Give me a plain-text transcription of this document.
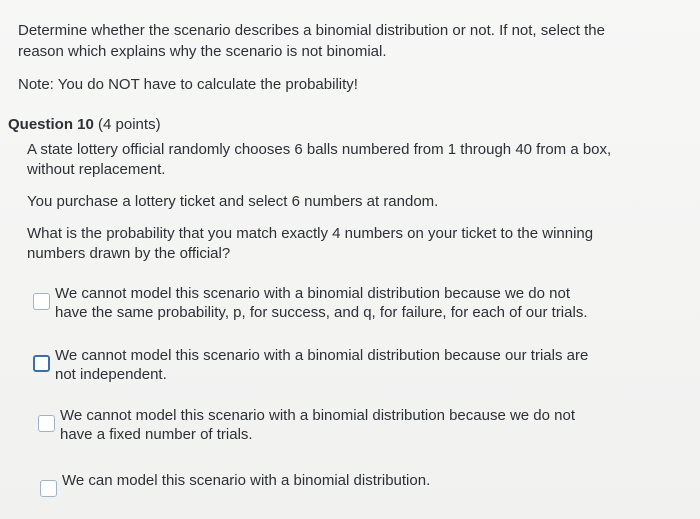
Determine whether the scenario describes a binomial distribution or not. If not, select the reason which explains why the scenario is not binomial.
Note: You do NOT have to calculate the probability!
Question 10 (4 points)

A state lottery official randomly chooses 6 balls numbered from 1 through 40 from a box, without replacement.

You purchase a lottery ticket and select 6 numbers at random.

What is the probability that you match exactly 4 numbers on your ticket to the winning numbers drawn by the official?

We cannot model this scenario with a binomial distribution because we do not have the same probability, p, for success, and q, for failure, for each of our trials.
We cannot model this scenario with a binomial distribution because our trials are not independent.
We cannot model this scenario with a binomial distribution because we do not have a fixed number of trials.
We can model this scenario with a binomial distribution.
